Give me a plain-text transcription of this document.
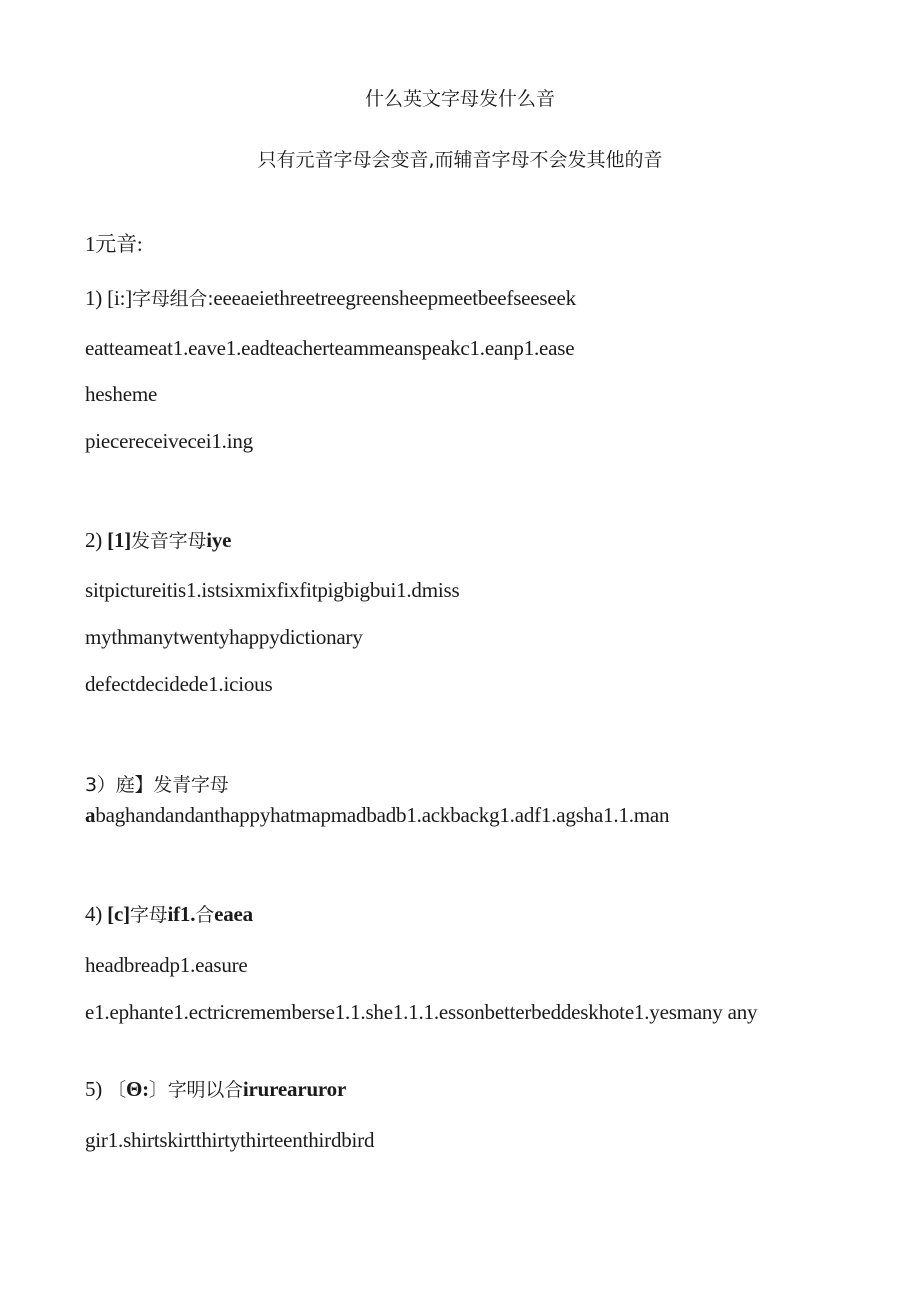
什么英文字母发什么音
只有元音字母会变音,而辅音字母不会发其他的音
1元音:
1) [i:]字母组合:eeeaeiethreetreegreensheepmeetbeefseeseek
eatteameat1.eave1.eadteacherteammeanspeakc1.eanp1.ease
hesheme
piecereceivecei1.ing
2) [1]发音字母iye
sitpictureitis1.istsixmixfixfitpigbigbui1.dmiss
mythmanytwentyhappydictionary
defectdecidede1.icious
3）庭】发青字母
abaghandandanthappyhatmapmadbadb1.ackbackg1.adf1.agsha1.1.man
4) [c]字母if1.合eaea
headbreadp1.easure
e1.ephante1.ectricremembersе1.1.she1.1.1.essonbetterbeddeskhote1.yesmany any
5) 〔Θ:〕字明以合irurearuror
gir1.shirtskirtthirtythirteenthirdbird
